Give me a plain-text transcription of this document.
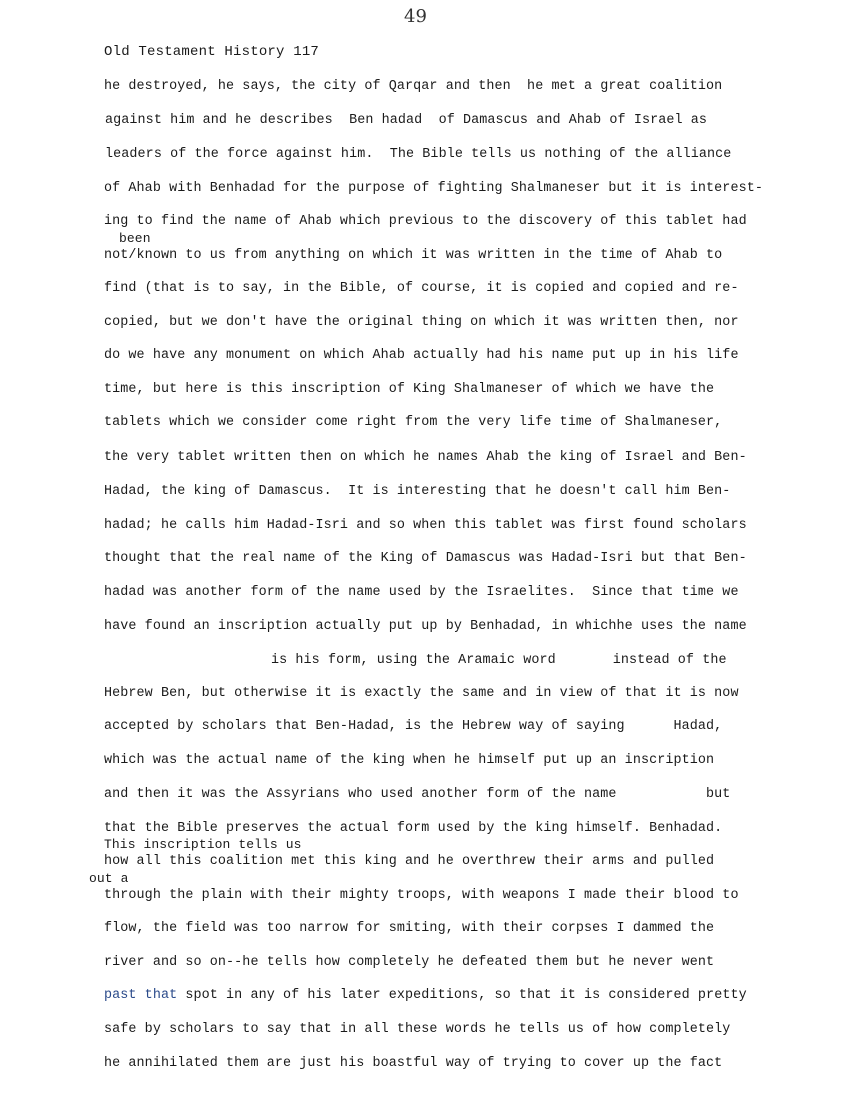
49
Old Testament History 117
he destroyed, he says, the city of Qarqar and then  he met a great coalition
against him and he describes  Ben hadad  of Damascus and Ahab of Israel as
leaders of the force against him.  The Bible tells us nothing of the alliance
of Ahab with Benhadad for the purpose of fighting Shalmaneser but it is interest-
ing to find the name of Ahab which previous to the discovery of this tablet had
been
not/known to us from anything on which it was written in the time of Ahab to
find (that is to say, in the Bible, of course, it is copied and copied and re-
copied, but we don't have the original thing on which it was written then, nor
do we have any monument on which Ahab actually had his name put up in his life
time, but here is this inscription of King Shalmaneser of which we have the
tablets which we consider come right from the very life time of Shalmaneser,
the very tablet written then on which he names Ahab the king of Israel and Ben-
Hadad, the king of Damascus.  It is interesting that he doesn't call him Ben-
hadad; he calls him Hadad-Isri and so when this tablet was first found scholars
thought that the real name of the King of Damascus was Hadad-Isri but that Ben-
hadad was another form of the name used by the Israelites.  Since that time we
have found an inscription actually put up by Benhadad, in whichhe uses the name
is his form, using the Aramaic word       instead of the
Hebrew Ben, but otherwise it is exactly the same and in view of that it is now
accepted by scholars that Ben-Hadad, is the Hebrew way of saying      Hadad,
which was the actual name of the king when he himself put up an inscription
and then it was the Assyrians who used another form of the name           but
that the Bible preserves the actual form used by the king himself. Benhadad.
This inscription tells us
how all this coalition met this king and he overthrew their arms and pulled
out a
through the plain with their mighty troops, with weapons I made their blood to
flow, the field was too narrow for smiting, with their corpses I dammed the
river and so on--he tells how completely he defeated them but he never went
past that spot in any of his later expeditions, so that it is considered pretty
safe by scholars to say that in all these words he tells us of how completely
he annihilated them are just his boastful way of trying to cover up the fact
